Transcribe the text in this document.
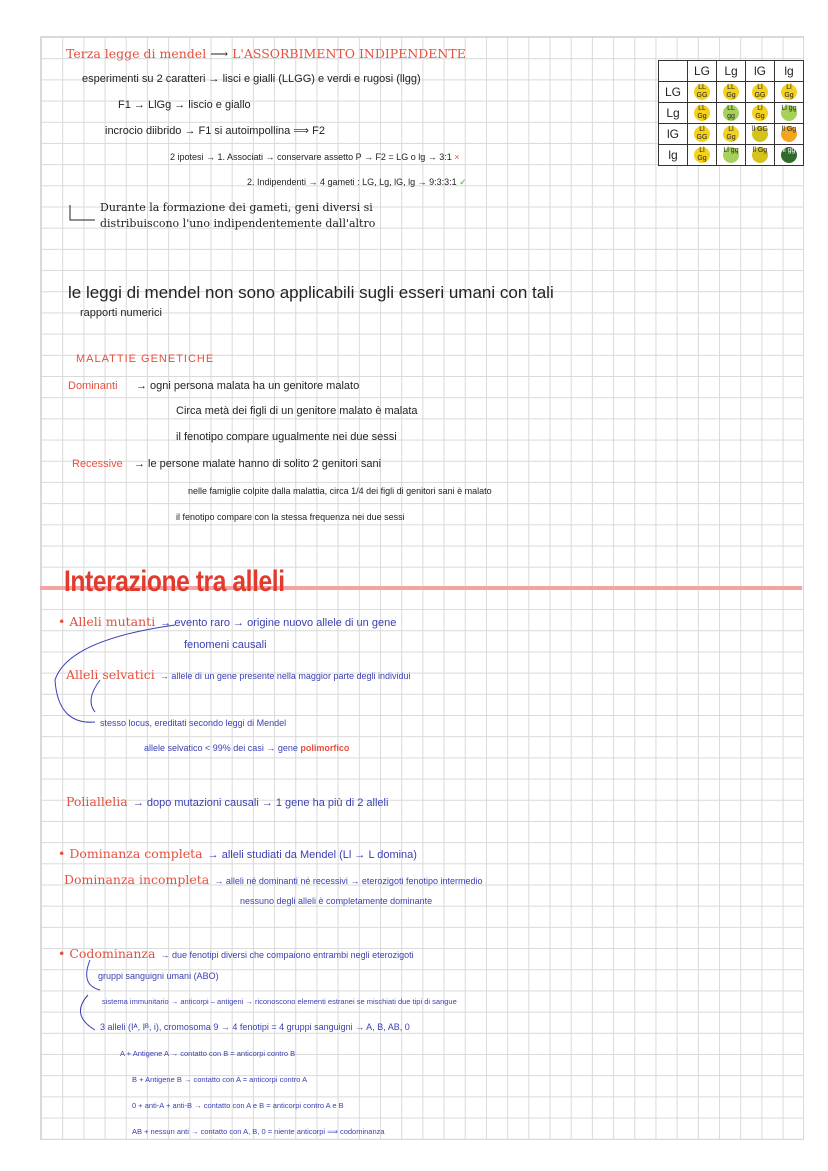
Terza legge di mendel ⟶ L'ASSORBIMENTO INDIPENDENTE
esperimenti su 2 caratteri → lisci e gialli (LLGG) e verdi e rugosi (llgg)
F1 → LlGg → liscio e giallo
incrocio diibrido → F1 si autoimpollina ⟹ F2
2 ipotesi → 1. Associati → conservare assetto P → F2 = LG o lg → 3:1 ×
2. Indipendenti → 4 gameti : LG, Lg, lG, lg → 9:3:3:1 ✓
Durante la formazione dei gameti, geni diversi si
distribuiscono l'uno indipendentemente dall'altro
	LG	Lg	lG	lg
LG	LL GG	LL Gg	Ll GG	Ll Gg
Lg	LL Gg	LL gg	Ll Gg	Ll gg
lG	Ll GG	Ll Gg	ll GG	ll Gg
lg	Ll Gg	Ll gg	ll Gg	ll gg
le leggi di mendel non sono applicabili sugli esseri umani con tali
rapporti numerici
MALATTIE GENETICHE
Dominanti → ogni persona malata ha un genitore malato
Circa metà dei figli di un genitore malato è malata
il fenotipo compare ugualmente nei due sessi
Recessive → le persone malate hanno di solito 2 genitori sani
nelle famiglie colpite dalla malattia, circa 1/4 dei figli di genitori sani è malato
il fenotipo compare con la stessa frequenza nei due sessi
Interazione tra alleli
• Alleli mutanti → evento raro → origine nuovo allele di un gene
fenomeni causali
Alleli selvatici → allele di un gene presente nella maggior parte degli individui
stesso locus, ereditati secondo leggi di Mendel
allele selvatico < 99% dei casi → gene polimorfico
Poliallelia → dopo mutazioni causali → 1 gene ha più di 2 alleli
• Dominanza completa → alleli studiati da Mendel (Ll → L domina)
Dominanza incompleta → alleli né dominanti né recessivi → eterozigoti fenotipo intermedio
nessuno degli alleli è completamente dominante
• Codominanza → due fenotipi diversi che compaiono entrambi negli eterozigoti
gruppi sanguigni umani (ABO)
sistema immunitario → anticorpi – antigeni → riconoscono elementi estranei se mischiati due tipi di sangue
3 alleli (Iᴬ, Iᴮ, i), cromosoma 9 → 4 fenotipi = 4 gruppi sanguigni → A, B, AB, 0
A + Antigene A → contatto con B = anticorpi contro B
B + Antigene B → contatto con A = anticorpi contro A
0 + anti-A + anti-B → contatto con A e B = anticorpi contro A e B
AB + nessun anti → contatto con A, B, 0 = niente anticorpi ⟹ codominanza
